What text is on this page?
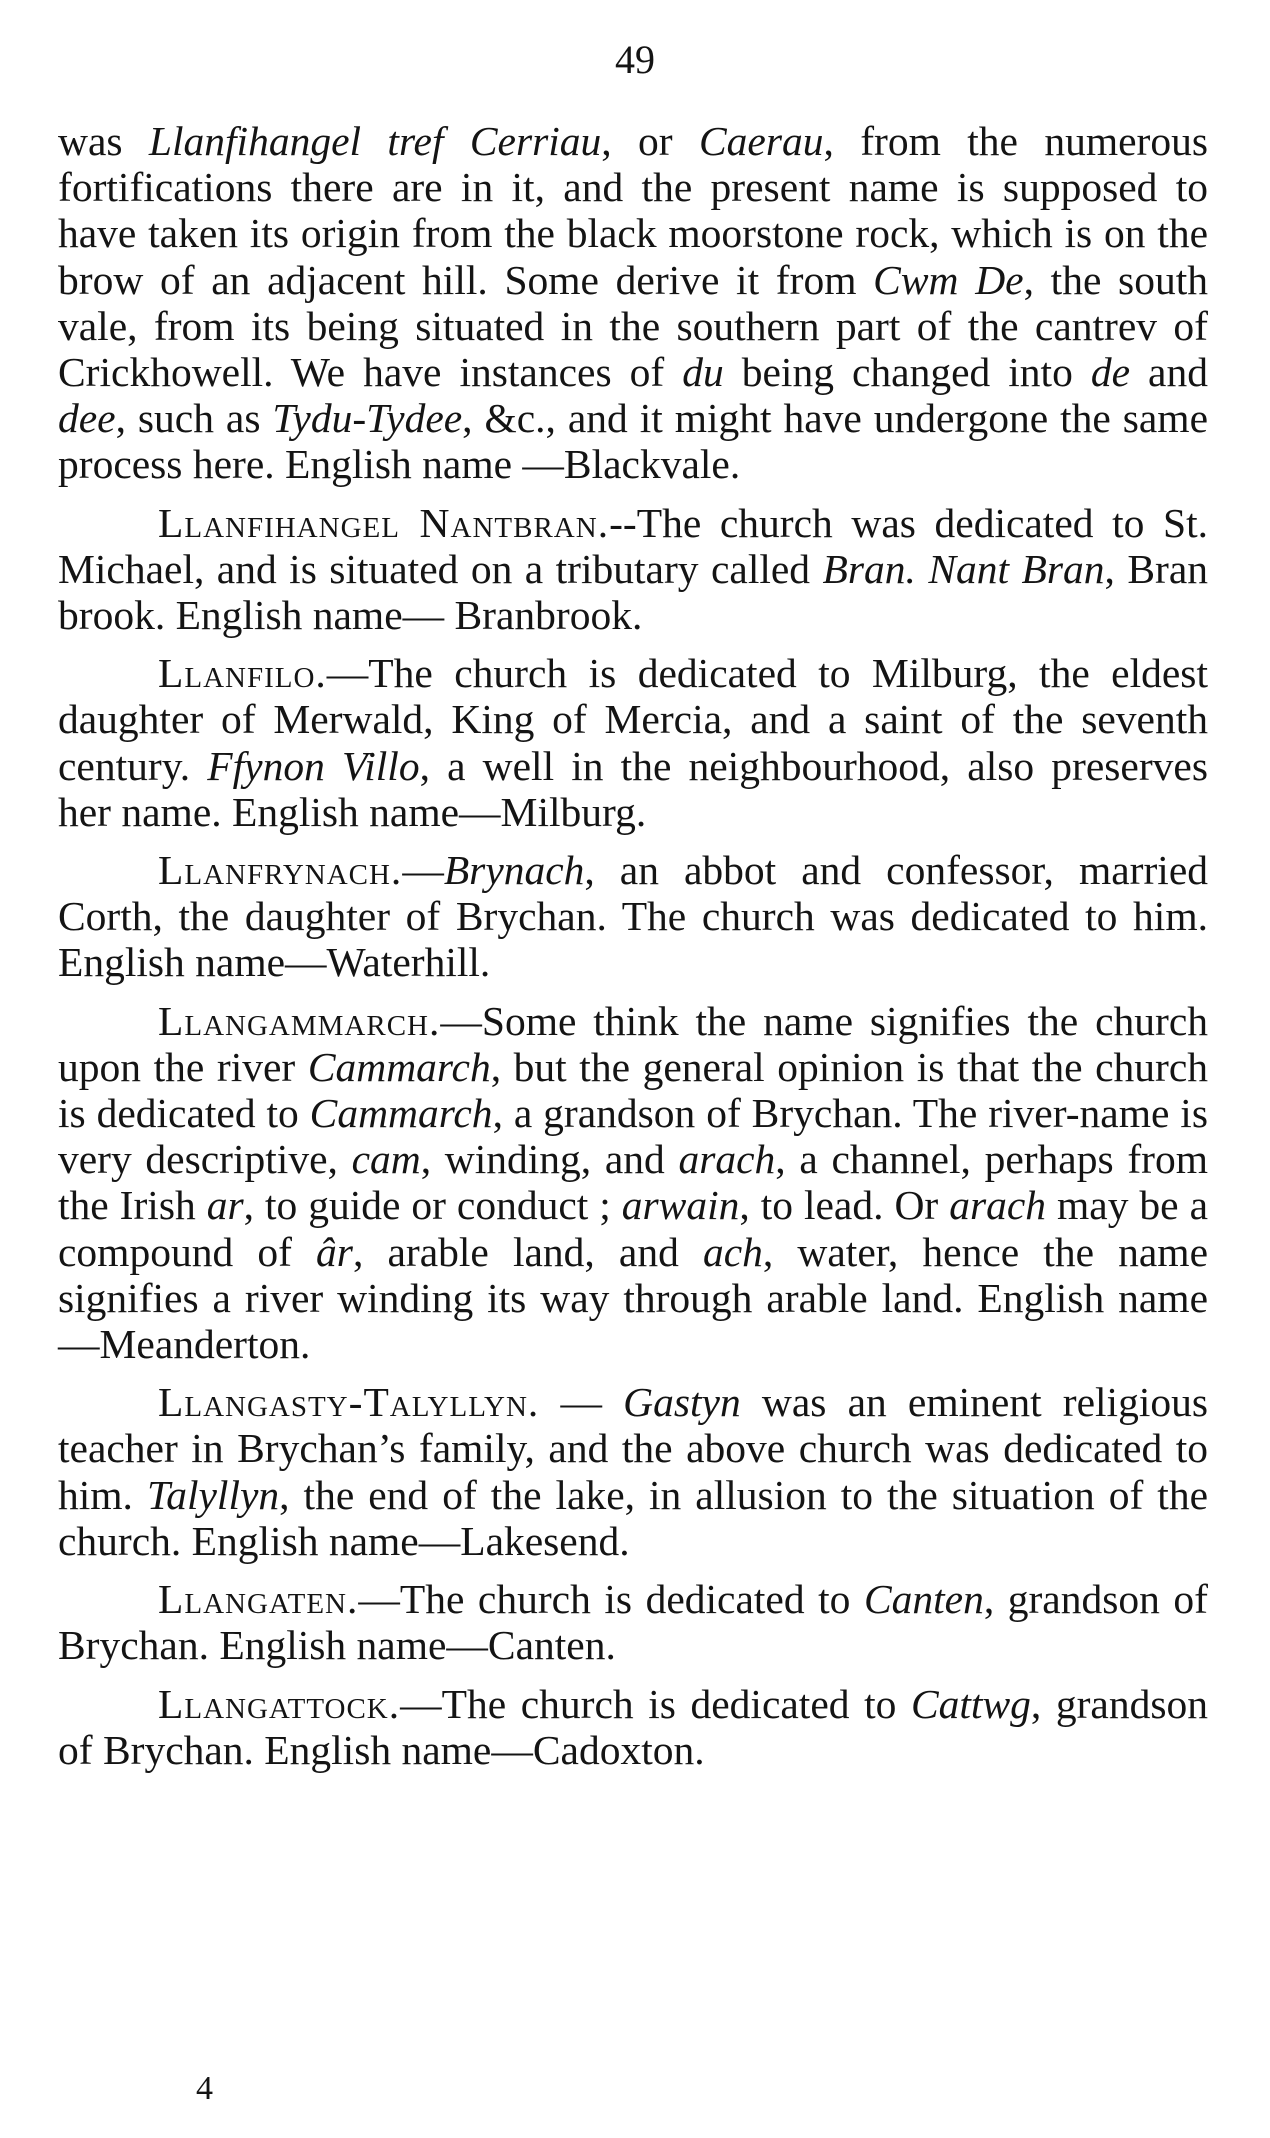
49

was Llanfihangel tref Cerriau, or Caerau, from the numerous fortifications there are in it, and the present name is supposed to have taken its origin from the black moorstone rock, which is on the brow of an adjacent hill. Some derive it from Cwm De, the south vale, from its being situated in the southern part of the cantrev of Crickhowell. We have instances of du being changed into de and dee, such as Tydu-Tydee, &c., and it might have undergone the same process here. English name —Blackvale.

Llanfihangel Nantbran.--The church was dedicated to St. Michael, and is situated on a tributary called Bran. Nant Bran, Bran brook. English name— Branbrook.

Llanfilo.—The church is dedicated to Milburg, the eldest daughter of Merwald, King of Mercia, and a saint of the seventh century. Ffynon Villo, a well in the neighbourhood, also preserves her name. English name—Milburg.

Llanfrynach.—Brynach, an abbot and confessor, married Corth, the daughter of Brychan. The church was dedicated to him. English name—Waterhill.

Llangammarch.—Some think the name signifies the church upon the river Cammarch, but the general opinion is that the church is dedicated to Cammarch, a grandson of Brychan. The river-name is very descriptive, cam, winding, and arach, a channel, perhaps from the Irish ar, to guide or conduct ; arwain, to lead. Or arach may be a compound of âr, arable land, and ach, water, hence the name signifies a river winding its way through arable land. English name—Meanderton.

Llangasty-Talyllyn. — Gastyn was an eminent religious teacher in Brychan’s family, and the above church was dedicated to him. Talyllyn, the end of the lake, in allusion to the situation of the church. English name—Lakesend.

Llangaten.—The church is dedicated to Canten, grandson of Brychan. English name—Canten.

Llangattock.—The church is dedicated to Cattwg, grandson of Brychan. English name—Cadoxton.

4
